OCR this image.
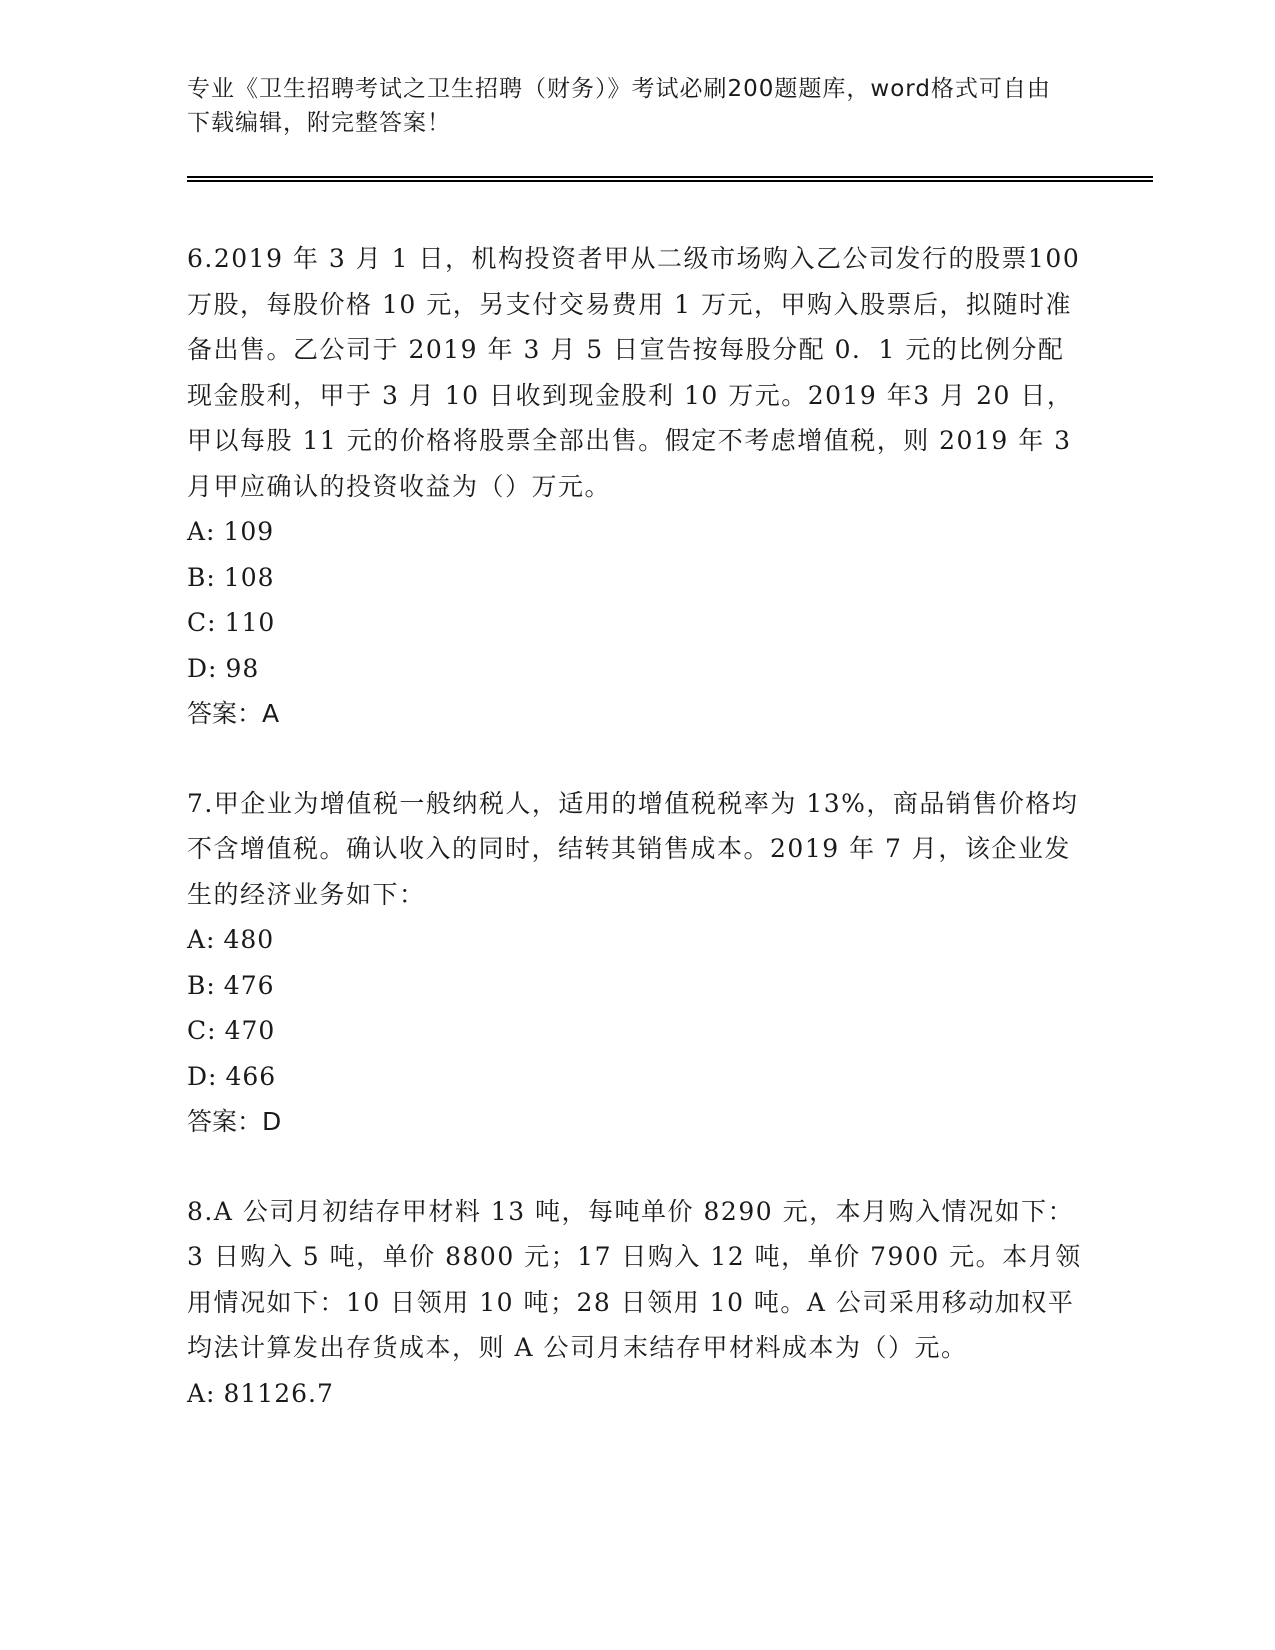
专业《卫生招聘考试之卫生招聘（财务）》考试必刷200题题库，word格式可自由下载编辑，附完整答案！

6.2019 年 3 月 1 日，机构投资者甲从二级市场购入乙公司发行的股票100 万股，每股价格 10 元，另支付交易费用 1 万元，甲购入股票后，拟随时准备出售。乙公司于 2019 年 3 月 5 日宣告按每股分配 0．1 元的比例分配现金股利，甲于 3 月 10 日收到现金股利 10 万元。2019 年3 月 20 日，甲以每股 11 元的价格将股票全部出售。假定不考虑增值税，则 2019 年 3 月甲应确认的投资收益为（）万元。

A: 109

B: 108

C: 110

D: 98

答案：A

7.甲企业为增值税一般纳税人，适用的增值税税率为 13%，商品销售价格均不含增值税。确认收入的同时，结转其销售成本。2019 年 7 月，该企业发生的经济业务如下：

A: 480

B: 476

C: 470

D: 466

答案：D

8.A 公司月初结存甲材料 13 吨，每吨单价 8290 元，本月购入情况如下：3 日购入 5 吨，单价 8800 元；17 日购入 12 吨，单价 7900 元。本月领用情况如下：10 日领用 10 吨；28 日领用 10 吨。A 公司采用移动加权平均法计算发出存货成本，则 A 公司月末结存甲材料成本为（）元。

A: 81126.7
